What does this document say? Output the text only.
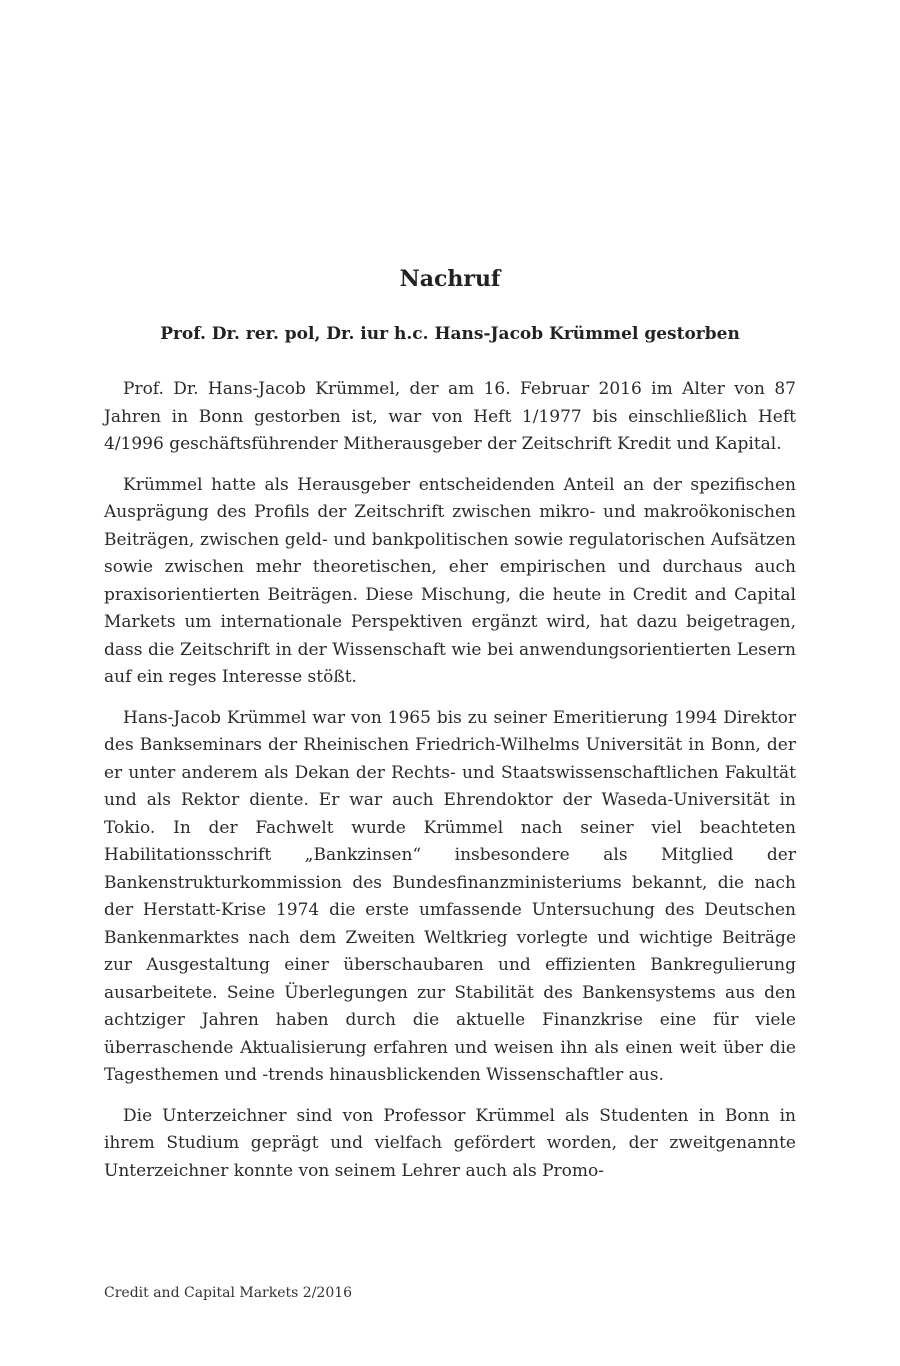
Nachruf
Prof. Dr. rer. pol, Dr. iur h.c. Hans-Jacob Krümmel gestorben

Prof. Dr. Hans-Jacob Krümmel, der am 16. Februar 2016 im Alter von 87 Jahren in Bonn gestorben ist, war von Heft 1/1977 bis einschließlich Heft 4/1996 geschäftsführender Mitherausgeber der Zeitschrift Kredit und Kapital.

Krümmel hatte als Herausgeber entscheidenden Anteil an der spezifischen Ausprägung des Profils der Zeitschrift zwischen mikro- und makroökonischen Beiträgen, zwischen geld- und bankpolitischen sowie regulatorischen Aufsätzen sowie zwischen mehr theoretischen, eher empirischen und durchaus auch praxisorientierten Beiträgen. Diese Mischung, die heute in Credit and Capital Markets um internationale Perspektiven ergänzt wird, hat dazu beigetragen, dass die Zeitschrift in der Wissenschaft wie bei anwendungsorientierten Lesern auf ein reges Interesse stößt.

Hans-Jacob Krümmel war von 1965 bis zu seiner Emeritierung 1994 Direktor des Bankseminars der Rheinischen Friedrich-Wilhelms Universität in Bonn, der er unter anderem als Dekan der Rechts- und Staatswissenschaftlichen Fakultät und als Rektor diente. Er war auch Ehrendoktor der Waseda-Universität in Tokio. In der Fachwelt wurde Krümmel nach seiner viel beachteten Habilitationsschrift „Bankzinsen“ insbesondere als Mitglied der Bankenstrukturkommission des Bundesfinanzministeriums bekannt, die nach der Herstatt-Krise 1974 die erste umfassende Untersuchung des Deutschen Bankenmarktes nach dem Zweiten Weltkrieg vorlegte und wichtige Beiträge zur Ausgestaltung einer überschaubaren und effizienten Bankregulierung ausarbeitete. Seine Überlegungen zur Stabilität des Bankensystems aus den achtziger Jahren haben durch die aktuelle Finanzkrise eine für viele überraschende Aktualisierung erfahren und weisen ihn als einen weit über die Tagesthemen und -trends hinausblickenden Wissenschaftler aus.

Die Unterzeichner sind von Professor Krümmel als Studenten in Bonn in ihrem Studium geprägt und vielfach gefördert worden, der zweitgenannte Unterzeichner konnte von seinem Lehrer auch als Promo-

Credit and Capital Markets 2/2016
